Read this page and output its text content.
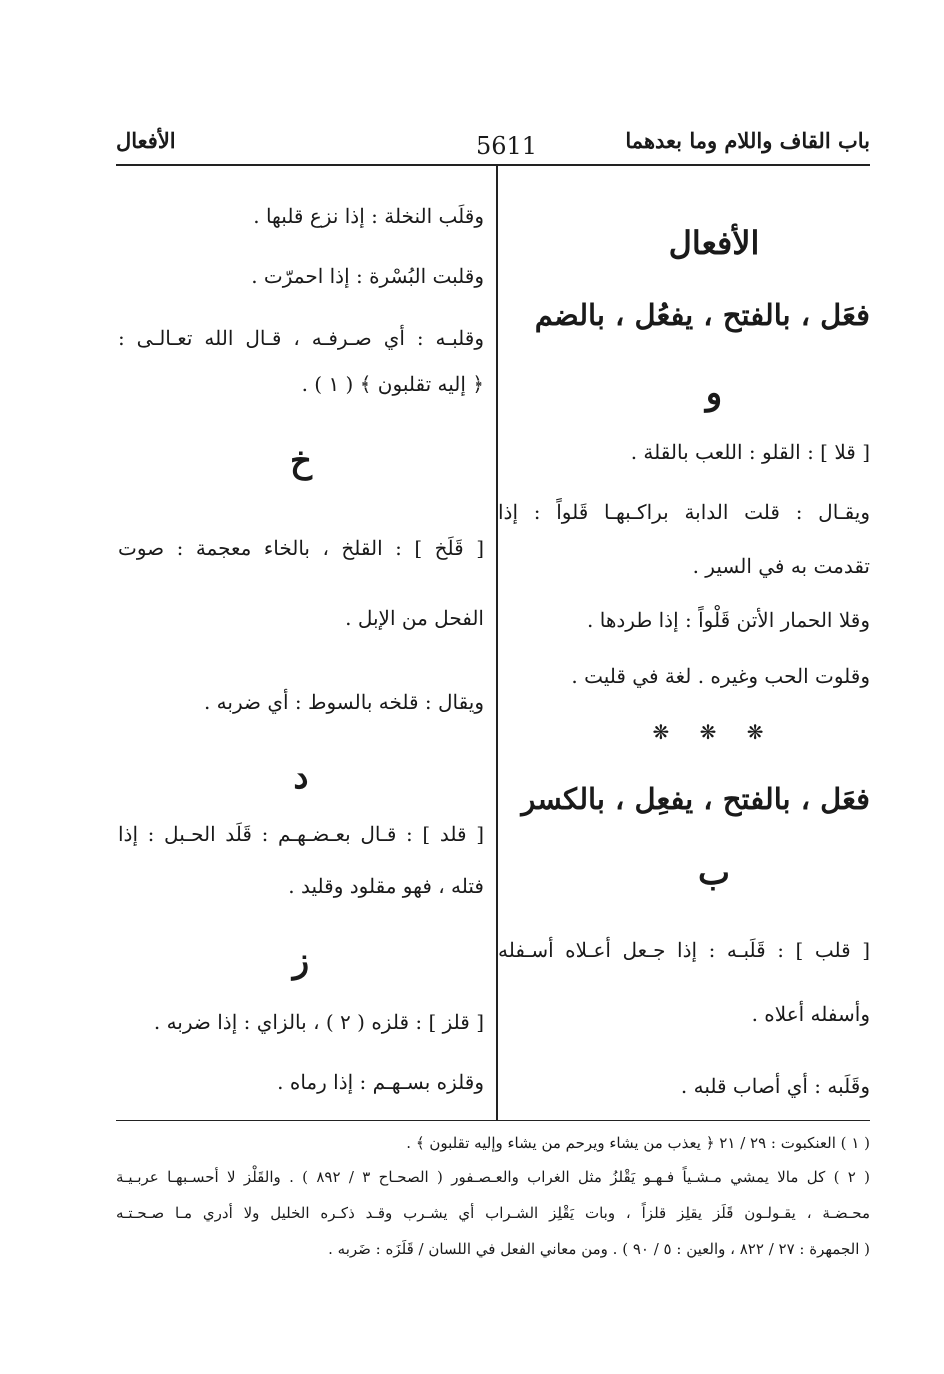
باب القاف واللام وما بعدهما
5611
الأفعال
الأفعال
فعَل ، بالفتح ، يفعُل ، بالضم
و
[ قلا ] : القلو : اللعب بالقلة .
ويقـال : قلت الدابة براكـبهـا قَلواً : إذا
تقدمت به في السير .
وقلا الحمار الأتن قَلْواً : إذا طردها .
وقلوت الحب وغيره . لغة في قليت .
❋ ❋ ❋
فعَل ، بالفتح ، يفعِل ، بالكسر
ب
[ قلب ] : قَلَبـه : إذا جـعل أعـلاه أسـفله
وأسفله أعلاه .
وقَلَبه : أي أصاب قلبه .
وقلَب النخلة : إذا نزع قلبها .
وقلبت البُسْرة : إذا احمرّت .
وقلبـه : أي صـرفـه ، قـال الله تعـالـى :
﴿ إليه تقلبون ﴾ ( ١ ) .
خ
[ قَلَخ ] : القلخ ، بالخاء معجمة : صوت
الفحل من الإبل .
ويقال : قلخه بالسوط : أي ضربه .
د
[ قلد ] : قـال بعـضـهـم : قَلَد الحـبل : إذا
فتله ، فهو مقلود وقليد .
ز
[ قلز ] : قلزه ( ٢ ) ، بالزاي : إذا ضربه .
وقلزه بسـهـم : إذا رماه .
( ١ ) العنكبوت : ٢٩ / ٢١ ﴿ يعذب من يشاء ويرحم من يشاء وإليه تقلبون ﴾ .
( ٢ ) كل مالا يمشي مـشـياً فـهـو يَقْلزُ مثل الغراب والعـصـفور ( الصحـاح ٣ / ٨٩٢ ) . والقَلْز لا أحسـبهـا عربـيـة
محـضـة ، يقـولـون قَلَز يقلِز قلزاً ، وبات يَقْلِز الشـراب أي يشـرب وقـد ذكـره الخليل ولا أدري مـا صـحـتـه
( الجمهرة : ٢٧ / ٨٢٢ ، والعين : ٥ / ٩٠ ) . ومن معاني الفعل في اللسان / قَلَزَه : ضَربه .
